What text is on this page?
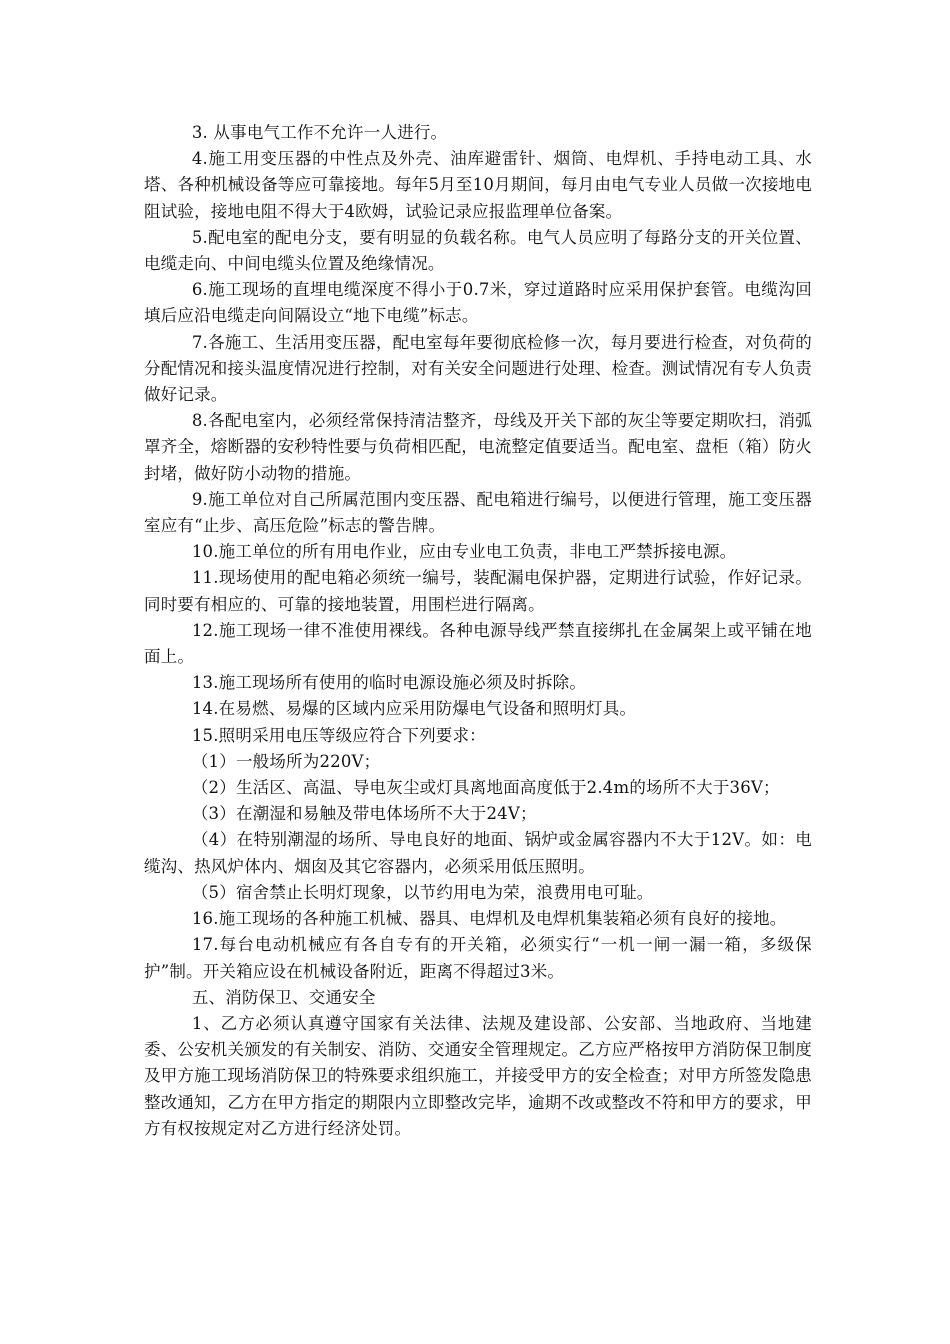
3. 从事电气工作不允许一人进行。

4.施工用变压器的中性点及外壳、油库避雷针、烟筒、电焊机、手持电动工具、水塔、各种机械设备等应可靠接地。每年5月至10月期间，每月由电气专业人员做一次接地电阻试验，接地电阻不得大于4欧姆，试验记录应报监理单位备案。

5.配电室的配电分支，要有明显的负载名称。电气人员应明了每路分支的开关位置、电缆走向、中间电缆头位置及绝缘情况。

6.施工现场的直埋电缆深度不得小于0.7米，穿过道路时应采用保护套管。电缆沟回填后应沿电缆走向间隔设立“地下电缆”标志。

7.各施工、生活用变压器，配电室每年要彻底检修一次，每月要进行检查，对负荷的分配情况和接头温度情况进行控制，对有关安全问题进行处理、检查。测试情况有专人负责做好记录。

8.各配电室内，必须经常保持清洁整齐，母线及开关下部的灰尘等要定期吹扫，消弧罩齐全，熔断器的安秒特性要与负荷相匹配，电流整定值要适当。配电室、盘柜（箱）防火封堵，做好防小动物的措施。

9.施工单位对自己所属范围内变压器、配电箱进行编号，以便进行管理，施工变压器室应有“止步、高压危险”标志的警告牌。

10.施工单位的所有用电作业，应由专业电工负责，非电工严禁拆接电源。

11.现场使用的配电箱必须统一编号，装配漏电保护器，定期进行试验，作好记录。同时要有相应的、可靠的接地装置，用围栏进行隔离。

12.施工现场一律不准使用裸线。各种电源导线严禁直接绑扎在金属架上或平铺在地面上。

13.施工现场所有使用的临时电源设施必须及时拆除。

14.在易燃、易爆的区域内应采用防爆电气设备和照明灯具。

15.照明采用电压等级应符合下列要求：

（1）一般场所为220V；

（2）生活区、高温、导电灰尘或灯具离地面高度低于2.4m的场所不大于36V；

（3）在潮湿和易触及带电体场所不大于24V；

（4）在特别潮湿的场所、导电良好的地面、锅炉或金属容器内不大于12V。如：电缆沟、热风炉体内、烟囱及其它容器内，必须采用低压照明。

（5）宿舍禁止长明灯现象，以节约用电为荣，浪费用电可耻。

16.施工现场的各种施工机械、器具、电焊机及电焊机集装箱必须有良好的接地。

17.每台电动机械应有各自专有的开关箱，必须实行“一机一闸一漏一箱，多级保护”制。开关箱应设在机械设备附近，距离不得超过3米。

五、消防保卫、交通安全

1、乙方必须认真遵守国家有关法律、法规及建设部、公安部、当地政府、当地建委、公安机关颁发的有关制安、消防、交通安全管理规定。乙方应严格按甲方消防保卫制度及甲方施工现场消防保卫的特殊要求组织施工，并接受甲方的安全检查；对甲方所签发隐患整改通知，乙方在甲方指定的期限内立即整改完毕，逾期不改或整改不符和甲方的要求，甲方有权按规定对乙方进行经济处罚。
